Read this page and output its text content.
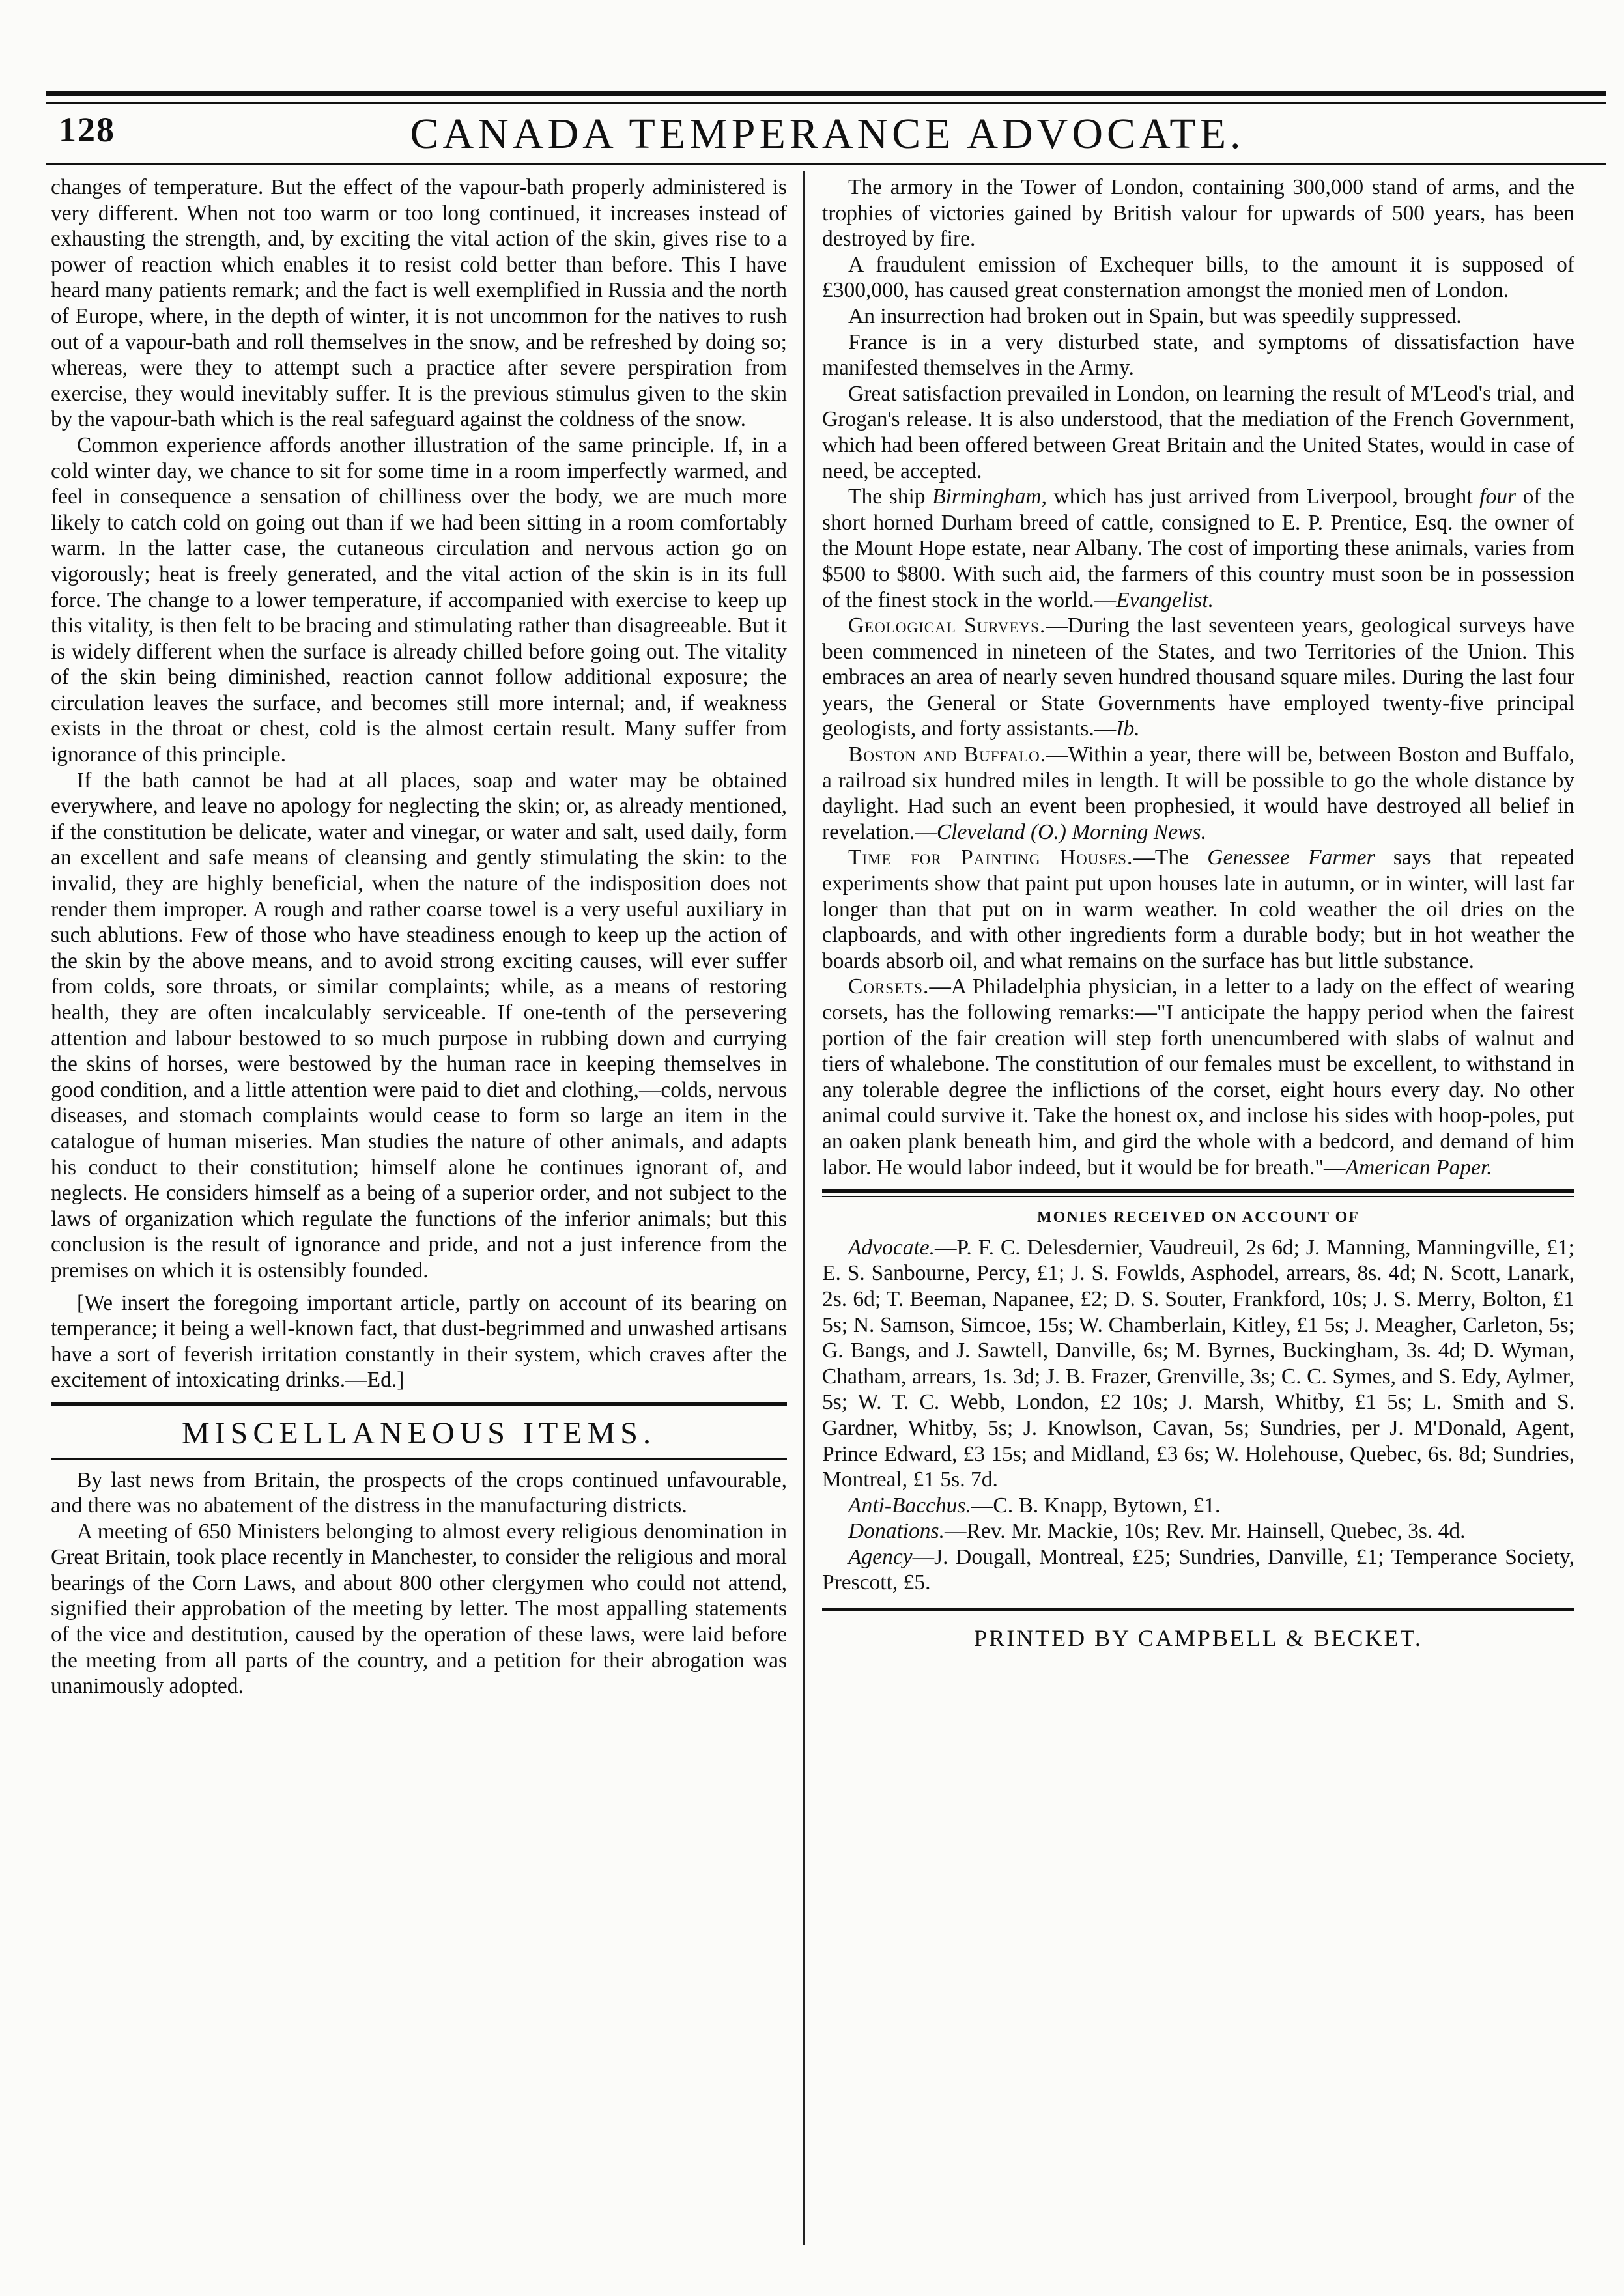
128	CANADA TEMPERANCE ADVOCATE.

changes of temperature. But the effect of the vapour-bath properly administered is very different. When not too warm or too long continued, it increases instead of exhausting the strength, and, by exciting the vital action of the skin, gives rise to a power of reaction which enables it to resist cold better than before. This I have heard many patients remark; and the fact is well exemplified in Russia and the north of Europe, where, in the depth of winter, it is not uncommon for the natives to rush out of a vapour-bath and roll themselves in the snow, and be refreshed by doing so; whereas, were they to attempt such a practice after severe perspiration from exercise, they would inevitably suffer. It is the previous stimulus given to the skin by the vapour-bath which is the real safeguard against the coldness of the snow.

Common experience affords another illustration of the same principle. If, in a cold winter day, we chance to sit for some time in a room imperfectly warmed, and feel in consequence a sensation of chilliness over the body, we are much more likely to catch cold on going out than if we had been sitting in a room comfortably warm. In the latter case, the cutaneous circulation and nervous action go on vigorously; heat is freely generated, and the vital action of the skin is in its full force. The change to a lower temperature, if accompanied with exercise to keep up this vitality, is then felt to be bracing and stimulating rather than disagreeable. But it is widely different when the surface is already chilled before going out. The vitality of the skin being diminished, reaction cannot follow additional exposure; the circulation leaves the surface, and becomes still more internal; and, if weakness exists in the throat or chest, cold is the almost certain result. Many suffer from ignorance of this principle.

If the bath cannot be had at all places, soap and water may be obtained everywhere, and leave no apology for neglecting the skin; or, as already mentioned, if the constitution be delicate, water and vinegar, or water and salt, used daily, form an excellent and safe means of cleansing and gently stimulating the skin: to the invalid, they are highly beneficial, when the nature of the indisposition does not render them improper. A rough and rather coarse towel is a very useful auxiliary in such ablutions. Few of those who have steadiness enough to keep up the action of the skin by the above means, and to avoid strong exciting causes, will ever suffer from colds, sore throats, or similar complaints; while, as a means of restoring health, they are often incalculably serviceable. If one-tenth of the persevering attention and labour bestowed to so much purpose in rubbing down and currying the skins of horses, were bestowed by the human race in keeping themselves in good condition, and a little attention were paid to diet and clothing,—colds, nervous diseases, and stomach complaints would cease to form so large an item in the catalogue of human miseries. Man studies the nature of other animals, and adapts his conduct to their constitution; himself alone he continues ignorant of, and neglects. He considers himself as a being of a superior order, and not subject to the laws of organization which regulate the functions of the inferior animals; but this conclusion is the result of ignorance and pride, and not a just inference from the premises on which it is ostensibly founded.

[We insert the foregoing important article, partly on account of its bearing on temperance; it being a well-known fact, that dust-begrimmed and unwashed artisans have a sort of feverish irritation constantly in their system, which craves after the excitement of intoxicating drinks.—Ed.]

MISCELLANEOUS ITEMS.

By last news from Britain, the prospects of the crops continued unfavourable, and there was no abatement of the distress in the manufacturing districts.

A meeting of 650 Ministers belonging to almost every religious denomination in Great Britain, took place recently in Manchester, to consider the religious and moral bearings of the Corn Laws, and about 800 other clergymen who could not attend, signified their approbation of the meeting by letter. The most appalling statements of the vice and destitution, caused by the operation of these laws, were laid before the meeting from all parts of the country, and a petition for their abrogation was unanimously adopted.

The armory in the Tower of London, containing 300,000 stand of arms, and the trophies of victories gained by British valour for upwards of 500 years, has been destroyed by fire.

A fraudulent emission of Exchequer bills, to the amount it is supposed of £300,000, has caused great consternation amongst the monied men of London.

An insurrection had broken out in Spain, but was speedily suppressed.

France is in a very disturbed state, and symptoms of dissatisfaction have manifested themselves in the Army.

Great satisfaction prevailed in London, on learning the result of M'Leod's trial, and Grogan's release. It is also understood, that the mediation of the French Government, which had been offered between Great Britain and the United States, would in case of need, be accepted.

The ship Birmingham, which has just arrived from Liverpool, brought four of the short horned Durham breed of cattle, consigned to E. P. Prentice, Esq. the owner of the Mount Hope estate, near Albany. The cost of importing these animals, varies from $500 to $800. With such aid, the farmers of this country must soon be in possession of the finest stock in the world.—Evangelist.

Geological Surveys.—During the last seventeen years, geological surveys have been commenced in nineteen of the States, and two Territories of the Union. This embraces an area of nearly seven hundred thousand square miles. During the last four years, the General or State Governments have employed twenty-five principal geologists, and forty assistants.—Ib.

Boston and Buffalo.—Within a year, there will be, between Boston and Buffalo, a railroad six hundred miles in length. It will be possible to go the whole distance by daylight. Had such an event been prophesied, it would have destroyed all belief in revelation.—Cleveland (O.) Morning News.

Time for Painting Houses.—The Genessee Farmer says that repeated experiments show that paint put upon houses late in autumn, or in winter, will last far longer than that put on in warm weather. In cold weather the oil dries on the clapboards, and with other ingredients form a durable body; but in hot weather the boards absorb oil, and what remains on the surface has but little substance.

Corsets.—A Philadelphia physician, in a letter to a lady on the effect of wearing corsets, has the following remarks:—"I anticipate the happy period when the fairest portion of the fair creation will step forth unencumbered with slabs of walnut and tiers of whalebone. The constitution of our females must be excellent, to withstand in any tolerable degree the inflictions of the corset, eight hours every day. No other animal could survive it. Take the honest ox, and inclose his sides with hoop-poles, put an oaken plank beneath him, and gird the whole with a bedcord, and demand of him labor. He would labor indeed, but it would be for breath."—American Paper.

MONIES RECEIVED ON ACCOUNT OF

Advocate.—P. F. C. Delesdernier, Vaudreuil, 2s 6d; J. Manning, Manningville, £1; E. S. Sanbourne, Percy, £1; J. S. Fowlds, Asphodel, arrears, 8s. 4d; N. Scott, Lanark, 2s. 6d; T. Beeman, Napanee, £2; D. S. Souter, Frankford, 10s; J. S. Merry, Bolton, £1 5s; N. Samson, Simcoe, 15s; W. Chamberlain, Kitley, £1 5s; J. Meagher, Carleton, 5s; G. Bangs, and J. Sawtell, Danville, 6s; M. Byrnes, Buckingham, 3s. 4d; D. Wyman, Chatham, arrears, 1s. 3d; J. B. Frazer, Grenville, 3s; C. C. Symes, and S. Edy, Aylmer, 5s; W. T. C. Webb, London, £2 10s; J. Marsh, Whitby, £1 5s; L. Smith and S. Gardner, Whitby, 5s; J. Knowlson, Cavan, 5s; Sundries, per J. M'Donald, Agent, Prince Edward, £3 15s; and Midland, £3 6s; W. Holehouse, Quebec, 6s. 8d; Sundries, Montreal, £1 5s. 7d.

Anti-Bacchus.—C. B. Knapp, Bytown, £1.

Donations.—Rev. Mr. Mackie, 10s; Rev. Mr. Hainsell, Quebec, 3s. 4d.

Agency—J. Dougall, Montreal, £25; Sundries, Danville, £1; Temperance Society, Prescott, £5.

PRINTED BY CAMPBELL & BECKET.
